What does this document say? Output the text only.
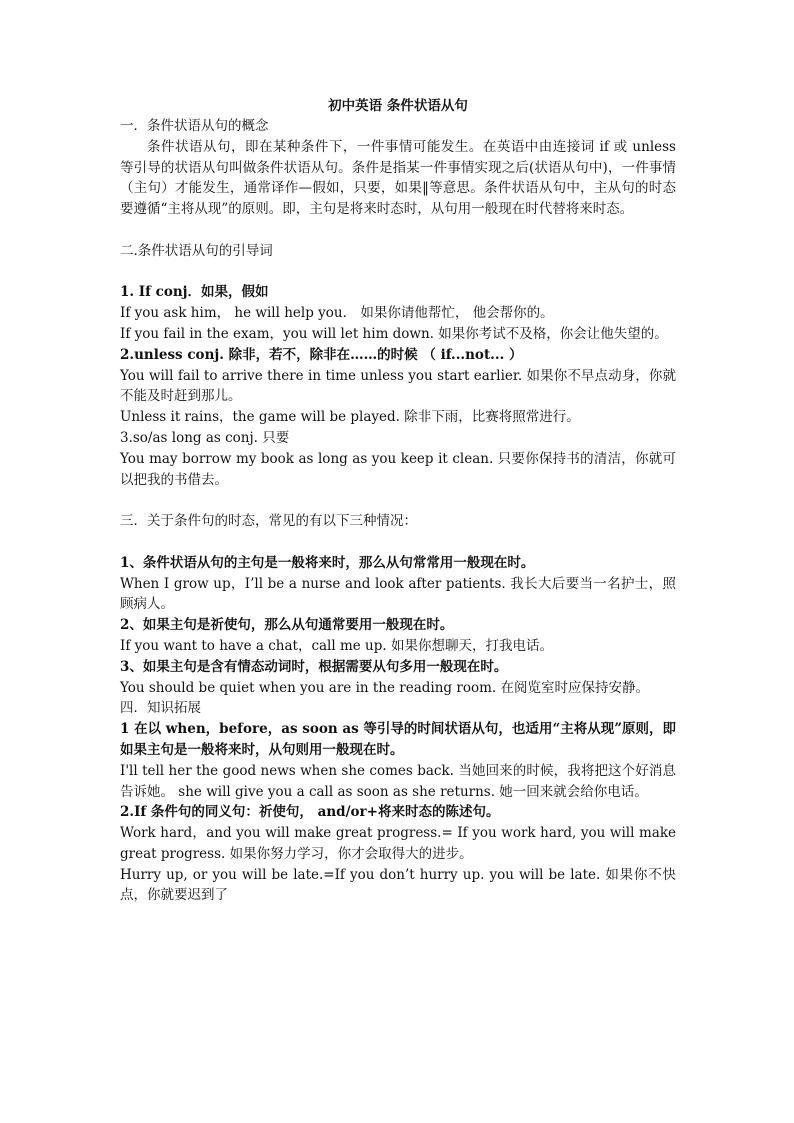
初中英语 条件状语从句

一．条件状语从句的概念

条件状语从句，即在某种条件下，一件事情可能发生。在英语中由连接词 if 或 unless 等引导的状语从句叫做条件状语从句。条件是指某一件事情实现之后(状语从句中)，一件事情（主句）才能发生，通常译作—假如，只要，如果‖等意思。条件状语从句中，主从句的时态要遵循“主将从现”的原则。即，主句是将来时态时，从句用一般现在时代替将来时态。

二.条件状语从句的引导词

1. If conj．如果，假如

If you ask him， he will help you． 如果你请他帮忙， 他会帮你的。

If you fail in the exam，you will let him down. 如果你考试不及格，你会让他失望的。

2.unless conj. 除非，若不，除非在……的时候 （ if...not... ）

You will fail to arrive there in time unless you start earlier. 如果你不早点动身，你就不能及时赶到那儿。

Unless it rains，the game will be played. 除非下雨，比赛将照常进行。

3.so/as long as conj. 只要

You may borrow my book as long as you keep it clean. 只要你保持书的清洁，你就可以把我的书借去。

三．关于条件句的时态，常见的有以下三种情况：

1、条件状语从句的主句是一般将来时，那么从句常常用一般现在时。

When I grow up，I’ll be a nurse and look after patients. 我长大后要当一名护士，照顾病人。

2、如果主句是祈使句，那么从句通常要用一般现在时。

If you want to have a chat，call me up. 如果你想聊天，打我电话。

3、如果主句是含有情态动词时，根据需要从句多用一般现在时。

You should be quiet when you are in the reading room. 在阅览室时应保持安静。

四．知识拓展

1 在以 when，before，as soon as 等引导的时间状语从句，也适用“主将从现”原则，即如果主句是一般将来时，从句则用一般现在时。

I'll tell her the good news when she comes back. 当她回来的时候，我将把这个好消息告诉她。 she will give you a call as soon as she returns. 她一回来就会给你电话。

2.If 条件句的同义句：祈使句， and/or+将来时态的陈述句。

Work hard，and you will make great progress.= If you work hard, you will make great progress. 如果你努力学习，你才会取得大的进步。

Hurry up, or you will be late.=If you don’t hurry up. you will be late. 如果你不快点，你就要迟到了
